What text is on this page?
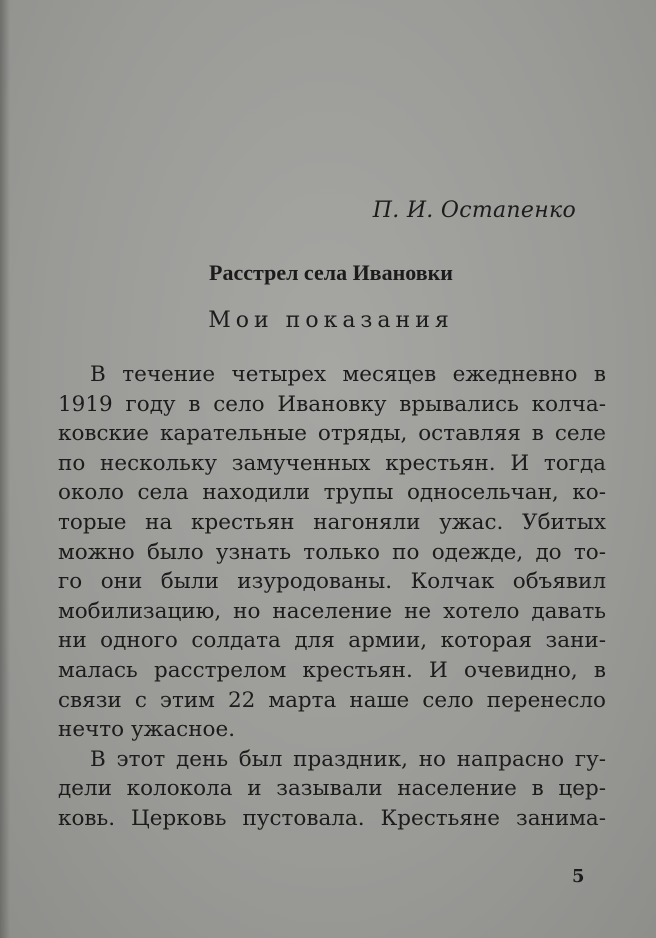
П. И. Остапенко
Расстрел села Ивановки
Мои показания
В течение четырех месяцев ежедневно в
1919 году в село Ивановку врывались колча-
ковские карательные отряды, оставляя в селе
по нескольку замученных крестьян. И тогда
около села находили трупы односельчан, ко-
торые на крестьян нагоняли ужас. Убитых
можно было узнать только по одежде, до то-
го они были изуродованы. Колчак объявил
мобилизацию, но население не хотело давать
ни одного солдата для армии, которая зани-
малась расстрелом крестьян. И очевидно, в
связи с этим 22 марта наше село перенесло
нечто ужасное.
В этот день был праздник, но напрасно гу-
дели колокола и зазывали население в цер-
ковь. Церковь пустовала. Крестьяне занима-
5
